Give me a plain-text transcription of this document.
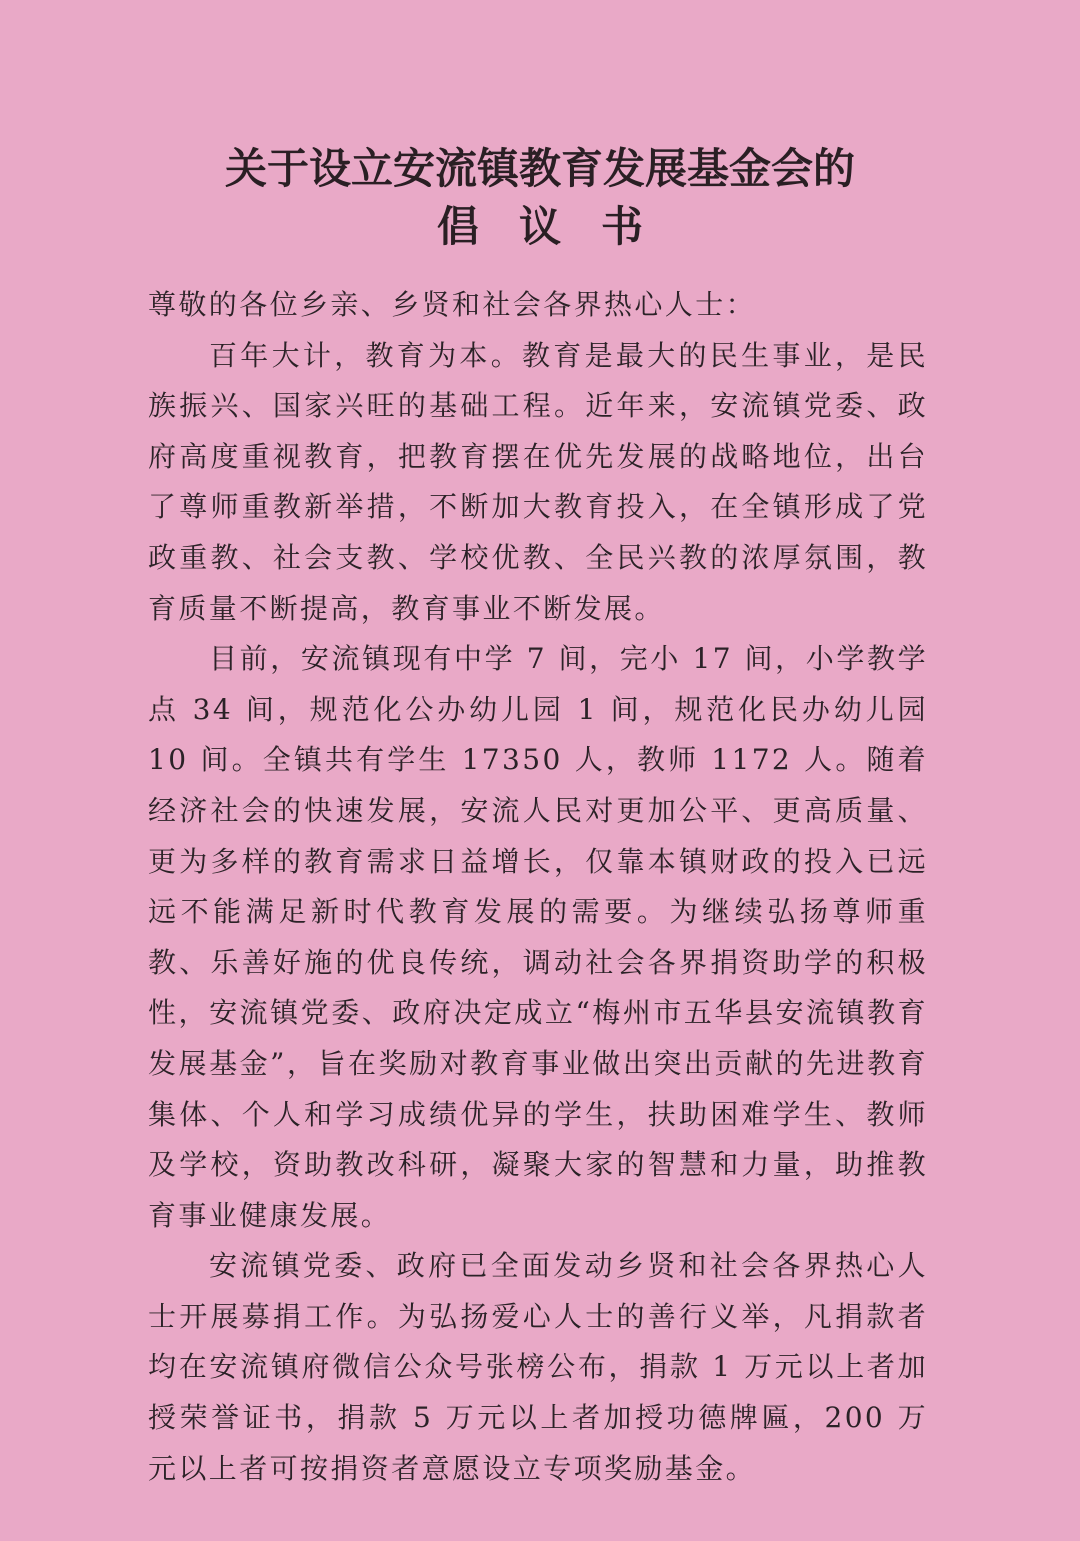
关于设立安流镇教育发展基金会的
倡议书

尊敬的各位乡亲、乡贤和社会各界热心人士：

百年大计，教育为本。教育是最大的民生事业，是民族振兴、国家兴旺的基础工程。近年来，安流镇党委、政府高度重视教育，把教育摆在优先发展的战略地位，出台了尊师重教新举措，不断加大教育投入，在全镇形成了党政重教、社会支教、学校优教、全民兴教的浓厚氛围，教育质量不断提高，教育事业不断发展。

目前，安流镇现有中学 7 间，完小 17 间，小学教学点 34 间，规范化公办幼儿园 1 间，规范化民办幼儿园 10 间。全镇共有学生 17350 人，教师 1172 人。随着经济社会的快速发展，安流人民对更加公平、更高质量、更为多样的教育需求日益增长，仅靠本镇财政的投入已远远不能满足新时代教育发展的需要。为继续弘扬尊师重教、乐善好施的优良传统，调动社会各界捐资助学的积极性，安流镇党委、政府决定成立“梅州市五华县安流镇教育发展基金”，旨在奖励对教育事业做出突出贡献的先进教育集体、个人和学习成绩优异的学生，扶助困难学生、教师及学校，资助教改科研，凝聚大家的智慧和力量，助推教育事业健康发展。

安流镇党委、政府已全面发动乡贤和社会各界热心人士开展募捐工作。为弘扬爱心人士的善行义举，凡捐款者均在安流镇府微信公众号张榜公布，捐款 1 万元以上者加授荣誉证书，捐款 5 万元以上者加授功德牌匾，200 万元以上者可按捐资者意愿设立专项奖励基金。
